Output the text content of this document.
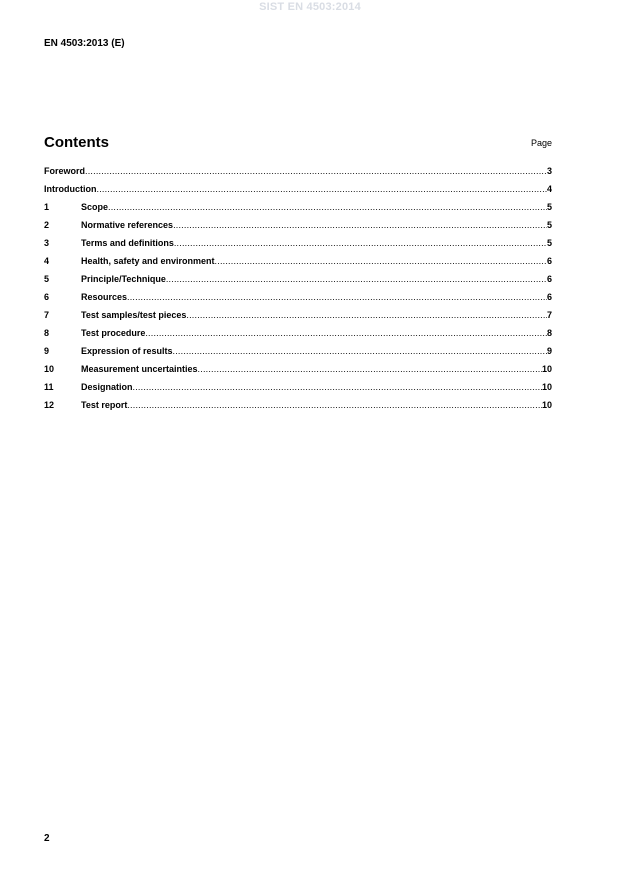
SIST EN 4503:2014
EN 4503:2013 (E)
Contents	Page
Foreword .....	3
Introduction .....	4
1	Scope .....	5
2	Normative references .....	5
3	Terms and definitions .....	5
4	Health, safety and environment .....	6
5	Principle/Technique .....	6
6	Resources .....	6
7	Test samples/test pieces .....	7
8	Test procedure .....	8
9	Expression of results .....	9
10	Measurement uncertainties .....	10
11	Designation .....	10
12	Test report .....	10
2
